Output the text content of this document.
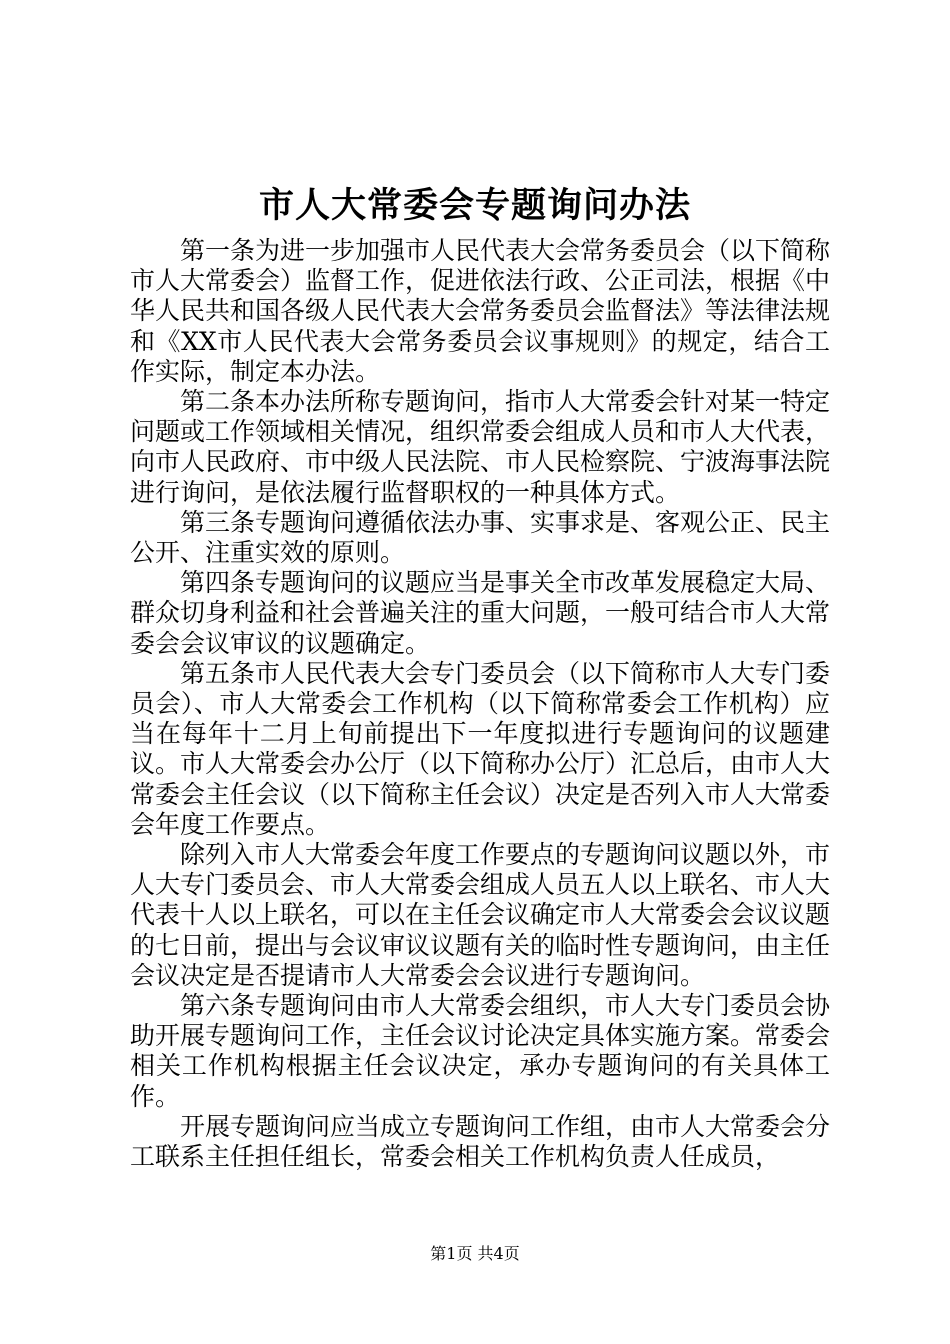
市人大常委会专题询问办法

第一条为进一步加强市人民代表大会常务委员会（以下简称市人大常委会）监督工作，促进依法行政、公正司法，根据《中华人民共和国各级人民代表大会常务委员会监督法》等法律法规和《XX市人民代表大会常务委员会议事规则》的规定，结合工作实际，制定本办法。

第二条本办法所称专题询问，指市人大常委会针对某一特定问题或工作领域相关情况，组织常委会组成人员和市人大代表，向市人民政府、市中级人民法院、市人民检察院、宁波海事法院进行询问，是依法履行监督职权的一种具体方式。

第三条专题询问遵循依法办事、实事求是、客观公正、民主公开、注重实效的原则。

第四条专题询问的议题应当是事关全市改革发展稳定大局、群众切身利益和社会普遍关注的重大问题，一般可结合市人大常委会会议审议的议题确定。

第五条市人民代表大会专门委员会（以下简称市人大专门委员会）、市人大常委会工作机构（以下简称常委会工作机构）应当在每年十二月上旬前提出下一年度拟进行专题询问的议题建议。市人大常委会办公厅（以下简称办公厅）汇总后，由市人大常委会主任会议（以下简称主任会议）决定是否列入市人大常委会年度工作要点。

除列入市人大常委会年度工作要点的专题询问议题以外，市人大专门委员会、市人大常委会组成人员五人以上联名、市人大代表十人以上联名，可以在主任会议确定市人大常委会会议议题的七日前，提出与会议审议议题有关的临时性专题询问，由主任会议决定是否提请市人大常委会会议进行专题询问。

第六条专题询问由市人大常委会组织，市人大专门委员会协助开展专题询问工作，主任会议讨论决定具体实施方案。常委会相关工作机构根据主任会议决定，承办专题询问的有关具体工作。

开展专题询问应当成立专题询问工作组，由市人大常委会分工联系主任担任组长，常委会相关工作机构负责人任成员，

第1页 共4页
